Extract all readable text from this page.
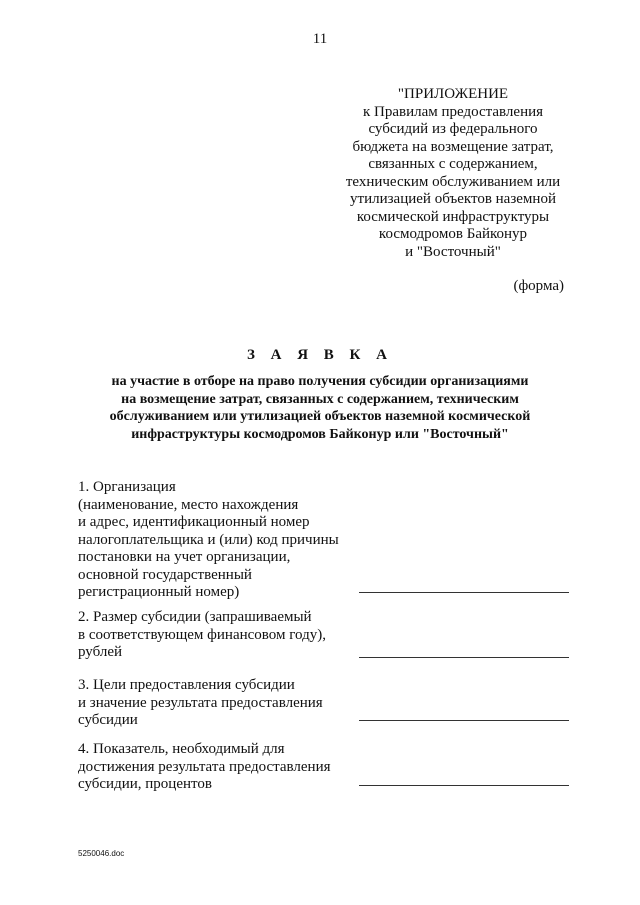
11
"ПРИЛОЖЕНИЕ
к Правилам предоставления
субсидий из федерального
бюджета на возмещение затрат,
связанных с содержанием,
техническим обслуживанием или
утилизацией объектов наземной
космической инфраструктуры
космодромов Байконур
и "Восточный"
(форма)
З А Я В К А
на участие в отборе на право получения субсидии организациями
на возмещение затрат, связанных с содержанием, техническим
обслуживанием или утилизацией объектов наземной космической
инфраструктуры космодромов Байконур или "Восточный"
1. Организация
(наименование, место нахождения
и адрес, идентификационный номер
налогоплательщика и (или) код причины
постановки на учет организации,
основной государственный
регистрационный номер)
2. Размер субсидии (запрашиваемый
в соответствующем финансовом году),
рублей
3. Цели предоставления субсидии
и значение результата предоставления
субсидии
4. Показатель, необходимый для
достижения результата предоставления
субсидии, процентов
5250046.doc
